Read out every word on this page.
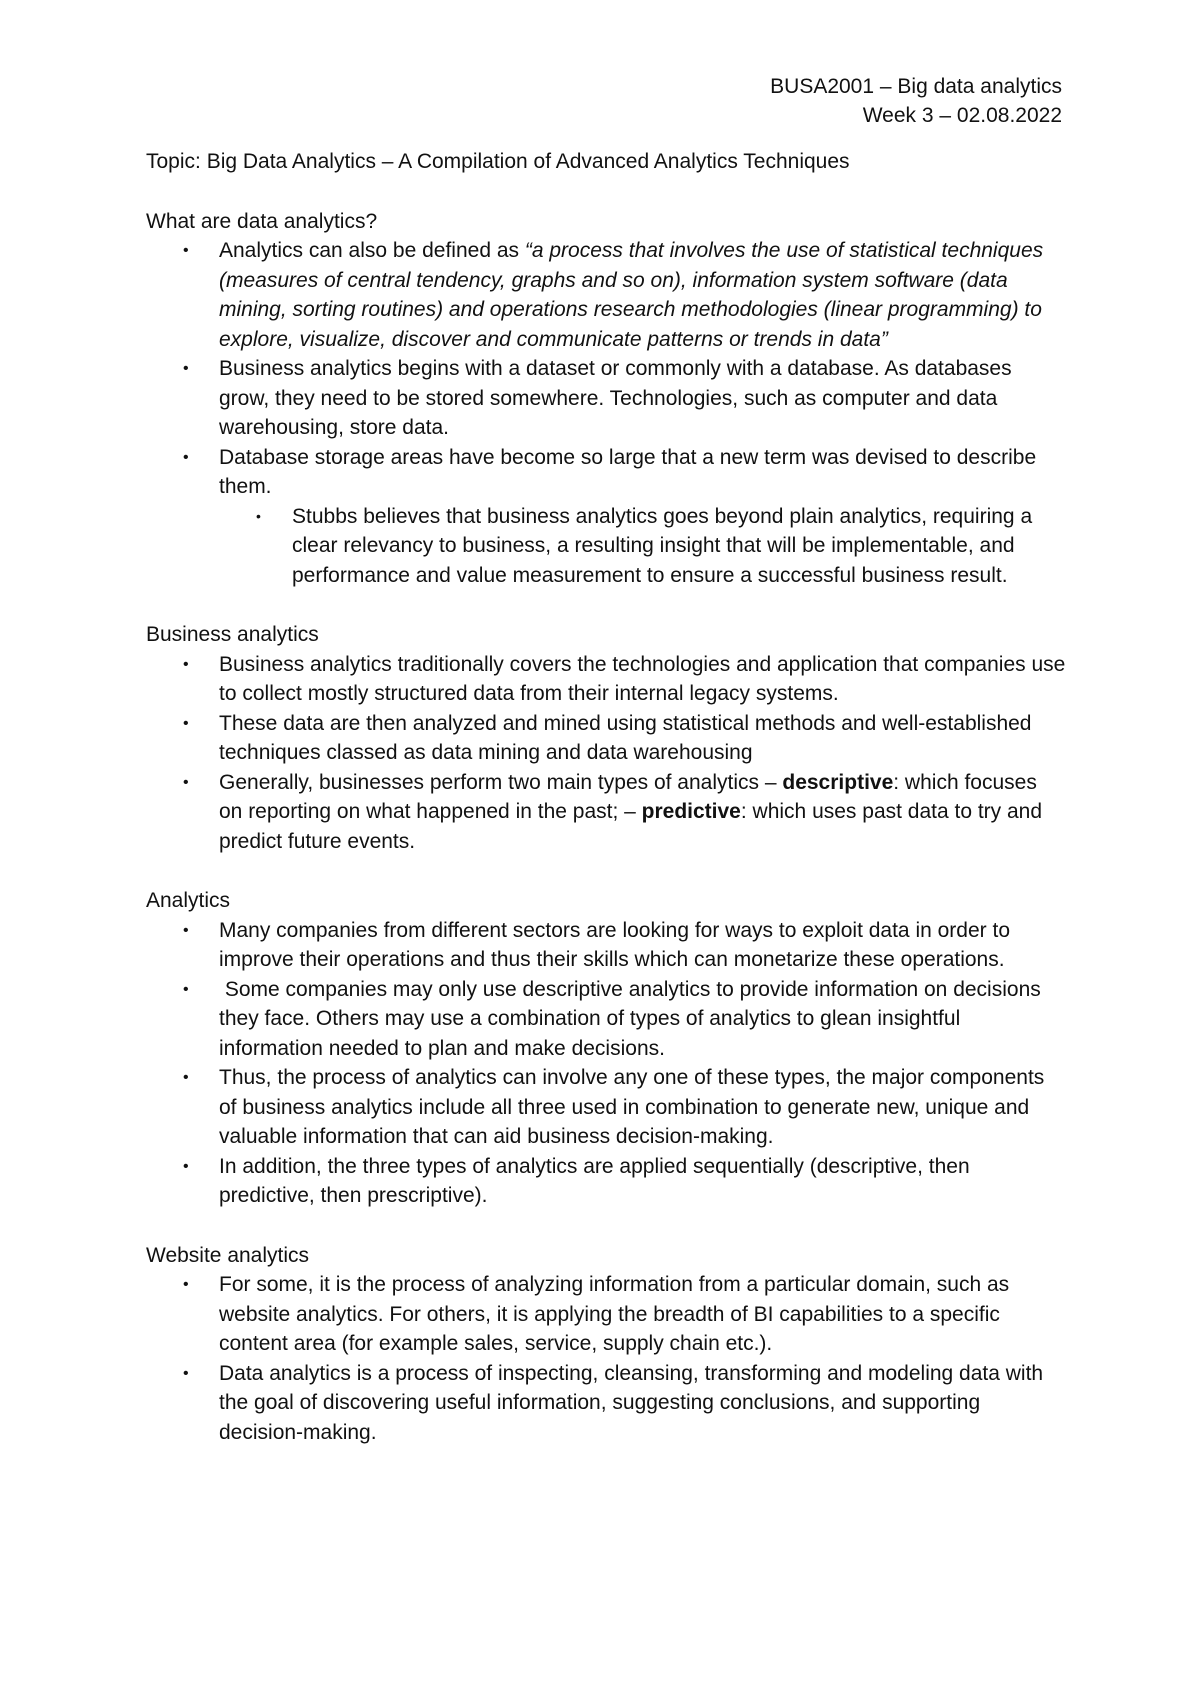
BUSA2001 – Big data analytics
Week 3 – 02.08.2022
Topic: Big Data Analytics – A Compilation of Advanced Analytics Techniques
What are data analytics?
• Analytics can also be defined as “a process that involves the use of statistical techniques (measures of central tendency, graphs and so on), information system software (data mining, sorting routines) and operations research methodologies (linear programming) to explore, visualize, discover and communicate patterns or trends in data”
• Business analytics begins with a dataset or commonly with a database. As databases grow, they need to be stored somewhere. Technologies, such as computer and data warehousing, store data.
• Database storage areas have become so large that a new term was devised to describe them.
• Stubbs believes that business analytics goes beyond plain analytics, requiring a clear relevancy to business, a resulting insight that will be implementable, and performance and value measurement to ensure a successful business result.
Business analytics
• Business analytics traditionally covers the technologies and application that companies use to collect mostly structured data from their internal legacy systems.
• These data are then analyzed and mined using statistical methods and well-established techniques classed as data mining and data warehousing
• Generally, businesses perform two main types of analytics – descriptive: which focuses on reporting on what happened in the past; – predictive: which uses past data to try and predict future events.
Analytics
• Many companies from different sectors are looking for ways to exploit data in order to improve their operations and thus their skills which can monetarize these operations.
• Some companies may only use descriptive analytics to provide information on decisions they face. Others may use a combination of types of analytics to glean insightful information needed to plan and make decisions.
• Thus, the process of analytics can involve any one of these types, the major components of business analytics include all three used in combination to generate new, unique and valuable information that can aid business decision-making.
• In addition, the three types of analytics are applied sequentially (descriptive, then predictive, then prescriptive).
Website analytics
• For some, it is the process of analyzing information from a particular domain, such as website analytics. For others, it is applying the breadth of BI capabilities to a specific content area (for example sales, service, supply chain etc.).
• Data analytics is a process of inspecting, cleansing, transforming and modeling data with the goal of discovering useful information, suggesting conclusions, and supporting decision-making.
